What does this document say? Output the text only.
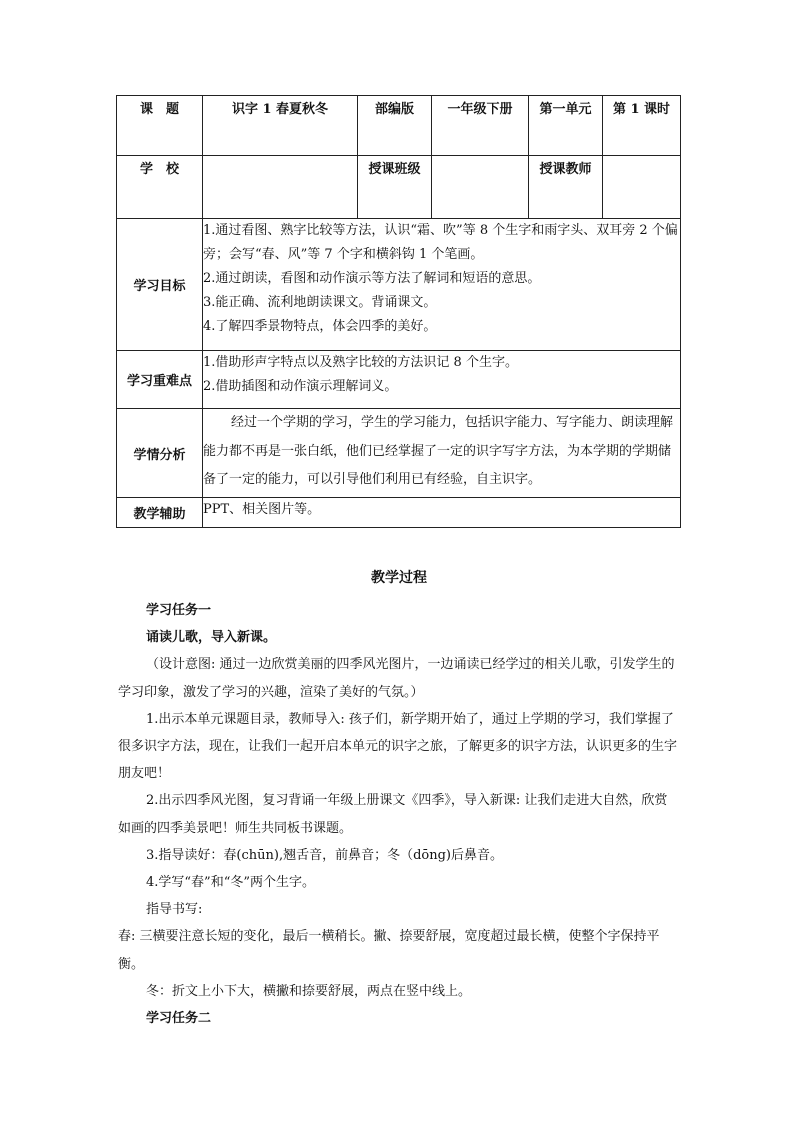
课　题	识字 1 春夏秋冬	部编版	一年级下册	第一单元	第 1 课时
学　校		授课班级		授课教师	
学习目标	1.通过看图、熟字比较等方法，认识“霜、吹”等 8 个生字和雨字头、双耳旁 2 个偏旁；会写“春、风”等 7 个字和横斜钩 1 个笔画。

2.通过朗读，看图和动作演示等方法了解词和短语的意思。

3.能正确、流利地朗读课文。背诵课文。

4.了解四季景物特点，体会四季的美好。				

学习重难点	1.借助形声字特点以及熟字比较的方法识记 8 个生字。

2.借助插图和动作演示理解词义。				

学情分析	经过一个学期的学习，学生的学习能力，包括识字能力、写字能力、朗读理解能力都不再是一张白纸，他们已经掌握了一定的识字写字方法，为本学期的学期储备了一定的能力，可以引导他们利用已有经验，自主识字。				
教学辅助	PPT、相关图片等。				
教学过程

学习任务一

诵读儿歌，导入新课。

（设计意图: 通过一边欣赏美丽的四季风光图片，一边诵读已经学过的相关儿歌，引发学生的学习印象，激发了学习的兴趣，渲染了美好的气氛。）

1.出示本单元课题目录，教师导入: 孩子们，新学期开始了，通过上学期的学习，我们掌握了很多识字方法，现在，让我们一起开启本单元的识字之旅，了解更多的识字方法，认识更多的生字朋友吧！

2.出示四季风光图，复习背诵一年级上册课文《四季》，导入新课: 让我们走进大自然，欣赏如画的四季美景吧！师生共同板书课题。

3.指导读好：春(chūn),翘舌音，前鼻音；冬（dōng)后鼻音。

4.学写“春”和“冬”两个生字。

指导书写:

春: 三横要注意长短的变化，最后一横稍长。撇、捺要舒展，宽度超过最长横，使整个字保持平衡。

冬：折文上小下大，横撇和捺要舒展，两点在竖中线上。

学习任务二
